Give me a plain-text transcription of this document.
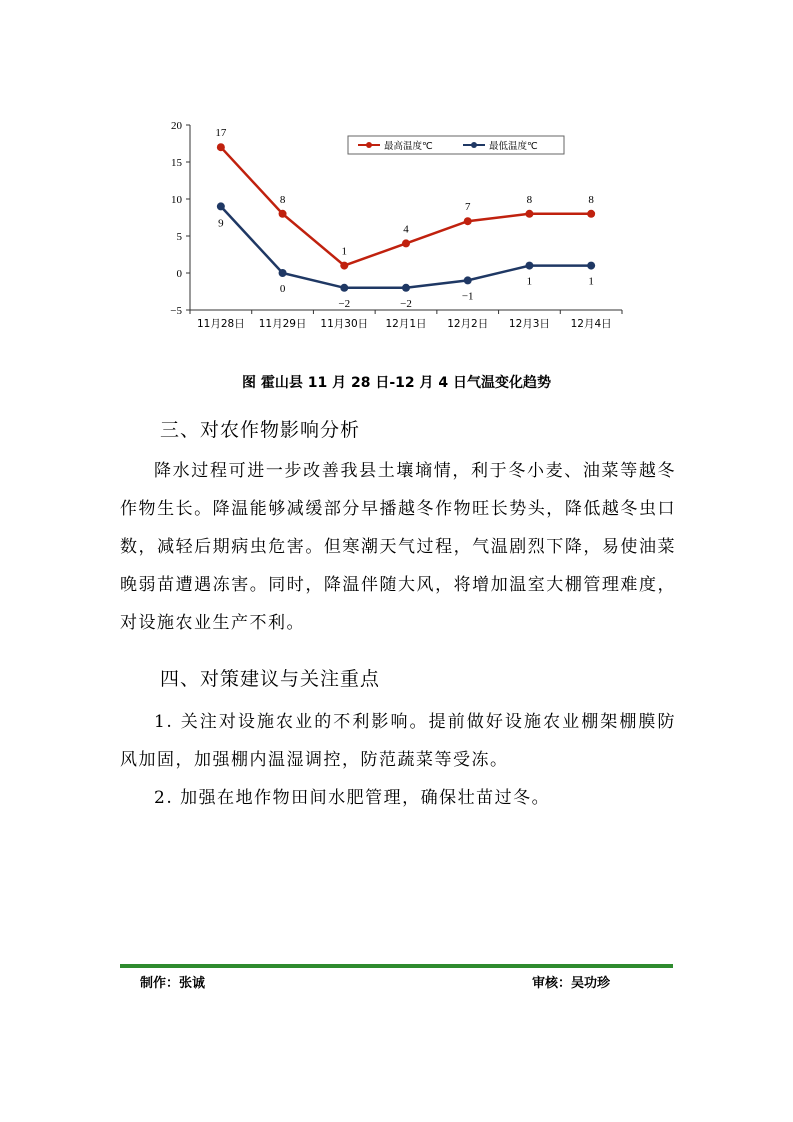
20
15
10
5
0
−5
11月28日 11月29日 11月30日 12月1日 12月2日 12月3日 12月4日
17
8
1
4
7
8	8
9
0
−2	−2
−1
1	1
最高温度℃	最低温度℃
图 霍山县 11 月 28 日-12 月 4 日气温变化趋势
三、对农作物影响分析
降水过程可进一步改善我县土壤墒情，利于冬小麦、油菜等越冬作物生长。降温能够减缓部分早播越冬作物旺长势头，降低越冬虫口数，减轻后期病虫危害。但寒潮天气过程，气温剧烈下降，易使油菜晚弱苗遭遇冻害。同时，降温伴随大风，将增加温室大棚管理难度，对设施农业生产不利。
四、对策建议与关注重点
1. 关注对设施农业的不利影响。提前做好设施农业棚架棚膜防风加固，加强棚内温湿调控，防范蔬菜等受冻。
2. 加强在地作物田间水肥管理，确保壮苗过冬。
制作：张诚	审核：吴功珍
